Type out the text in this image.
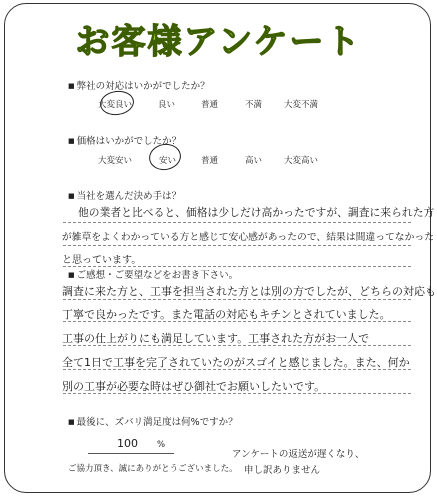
お客様アンケート
■ 弊社の対応はいかがでしたか？
大変良い	良い	普通	不満	大変不満
■ 価格はいかがでしたか？
大変安い	安い	普通	高い	大変高い
■ 当社を選んだ決め手は？
他の業者と比べると、価格は少しだけ高かったですが、調査に来られた方
が雑草をよくわかっている方と感じて安心感があったので、結果は間違ってなかった
と思っています。
■ ご感想・ご要望などをお書き下さい。
調査に来た方と、工事を担当された方とは別の方でしたが、どちらの対応も
丁寧で良かったです。また電話の対応もキチンとされていました。
工事の仕上がりにも満足しています。工事された方がお一人で
全て1日で工事を完了されていたのがスゴイと感じました。また、何か
別の工事が必要な時はぜひ御社でお願いしたいです。
■ 最後に、ズバリ満足度は何%ですか？
100 %
ご協力頂き、誠にありがとうございました。
アンケートの返送が遅くなり、
申し訳ありません
